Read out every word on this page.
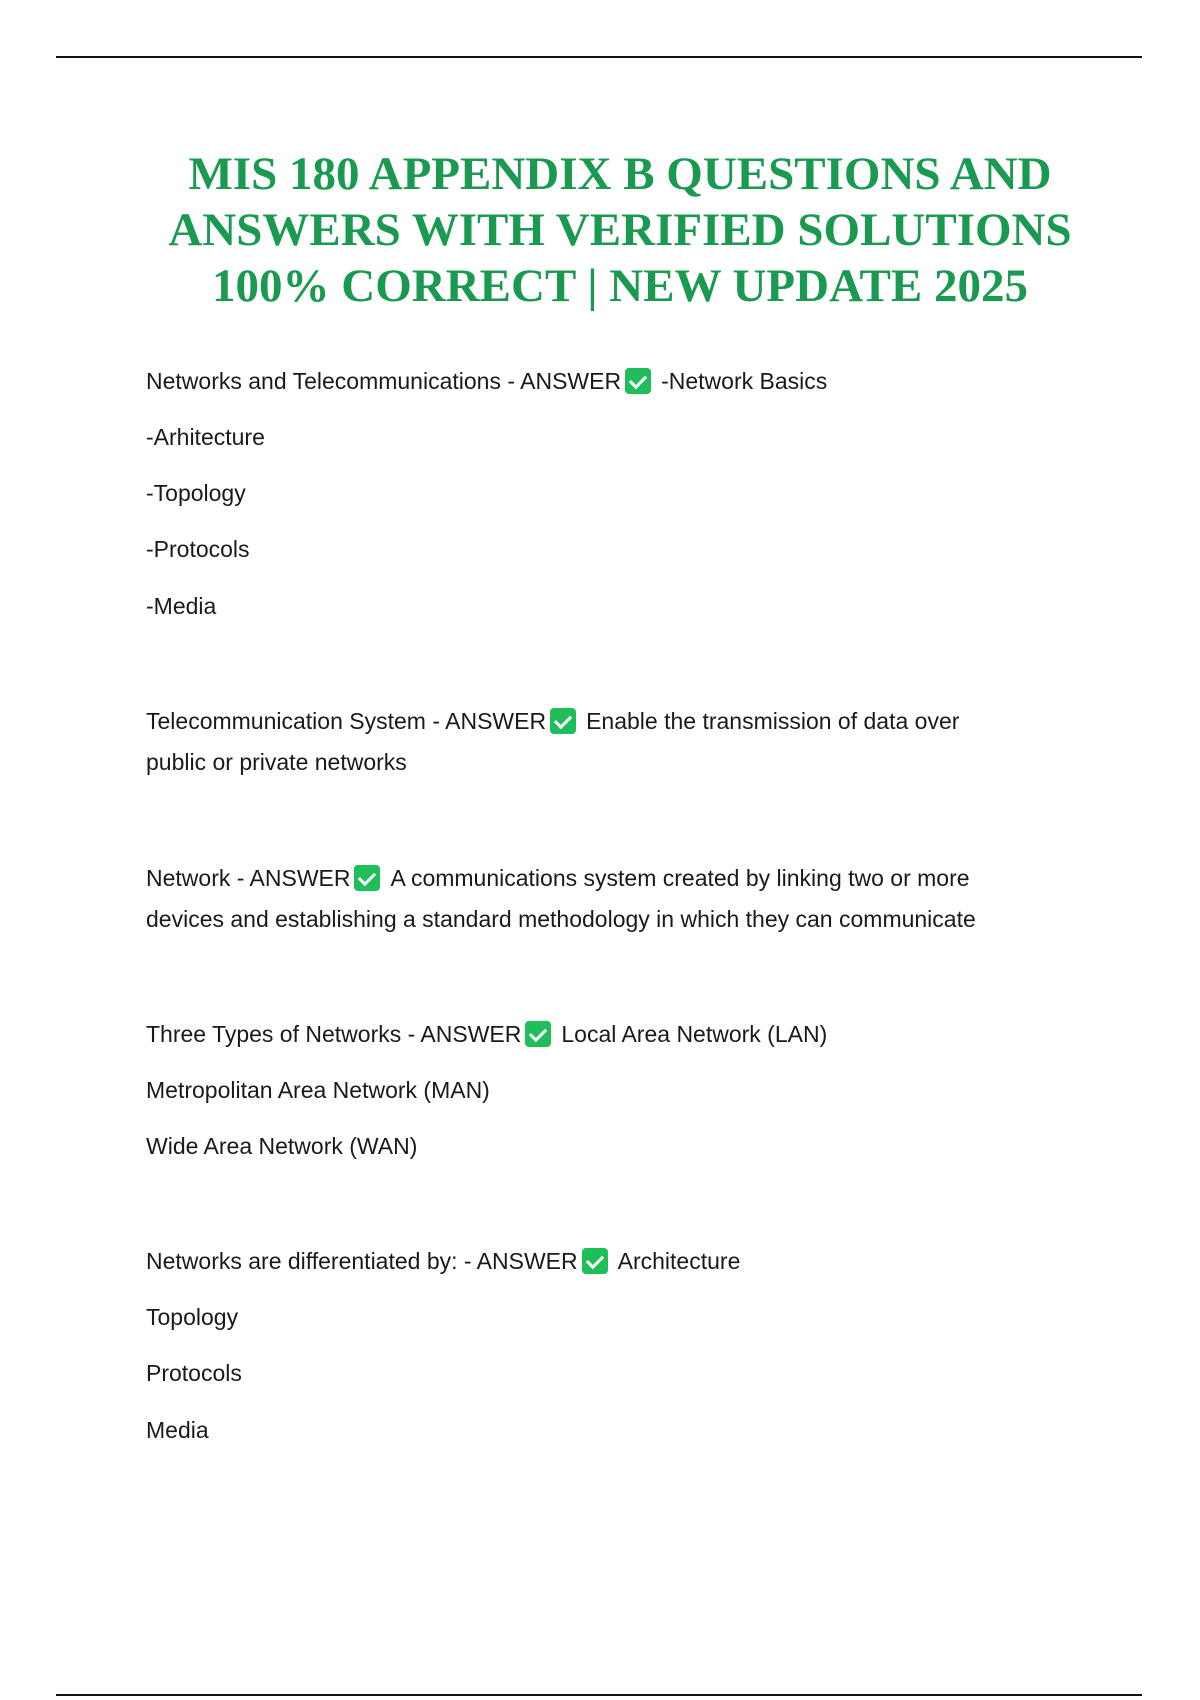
MIS 180 APPENDIX B QUESTIONS AND
ANSWERS WITH VERIFIED SOLUTIONS
100% CORRECT | NEW UPDATE 2025
Networks and Telecommunications - ANSWER -Network Basics
-Arhitecture
-Topology
-Protocols
-Media
Telecommunication System - ANSWER Enable the transmission of data over
public or private networks
Network - ANSWER A communications system created by linking two or more
devices and establishing a standard methodology in which they can communicate
Three Types of Networks - ANSWER Local Area Network (LAN)
Metropolitan Area Network (MAN)
Wide Area Network (WAN)
Networks are differentiated by: - ANSWER Architecture
Topology
Protocols
Media
